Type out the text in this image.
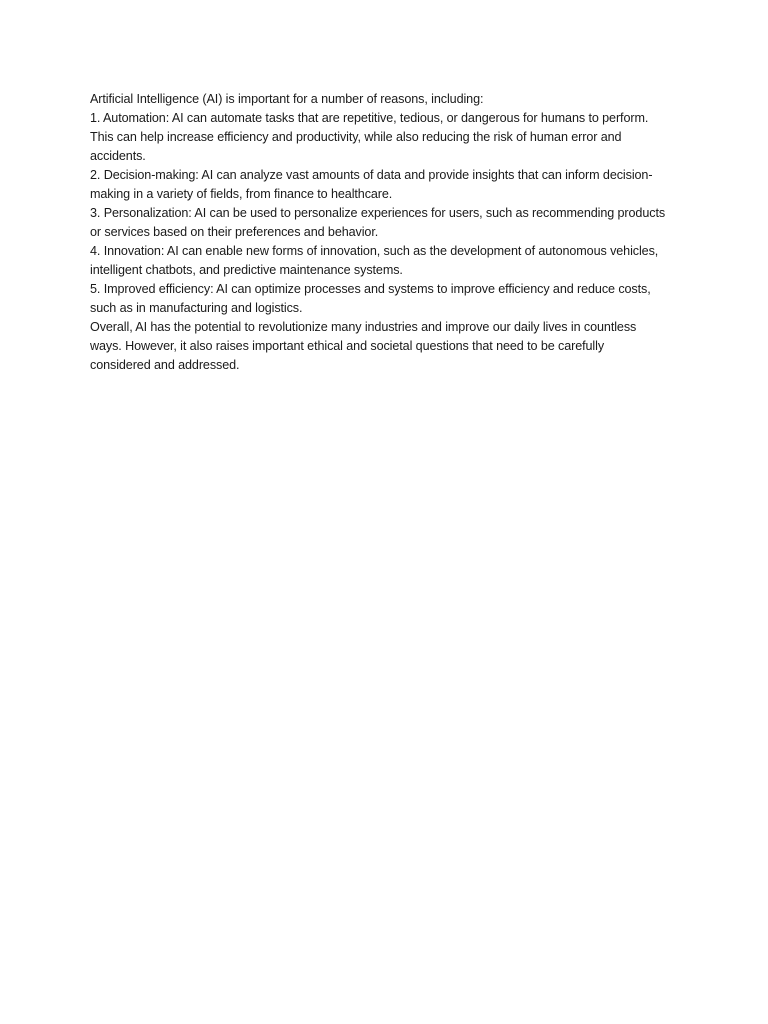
Artificial Intelligence (AI) is important for a number of reasons, including:

1. Automation: AI can automate tasks that are repetitive, tedious, or dangerous for humans to perform.
This can help increase efficiency and productivity, while also reducing the risk of human error and
accidents.

2. Decision-making: AI can analyze vast amounts of data and provide insights that can inform decision-
making in a variety of fields, from finance to healthcare.

3. Personalization: AI can be used to personalize experiences for users, such as recommending products
or services based on their preferences and behavior.

4. Innovation: AI can enable new forms of innovation, such as the development of autonomous vehicles,
intelligent chatbots, and predictive maintenance systems.

5. Improved efficiency: AI can optimize processes and systems to improve efficiency and reduce costs,
such as in manufacturing and logistics.

Overall, AI has the potential to revolutionize many industries and improve our daily lives in countless
ways. However, it also raises important ethical and societal questions that need to be carefully
considered and addressed.
